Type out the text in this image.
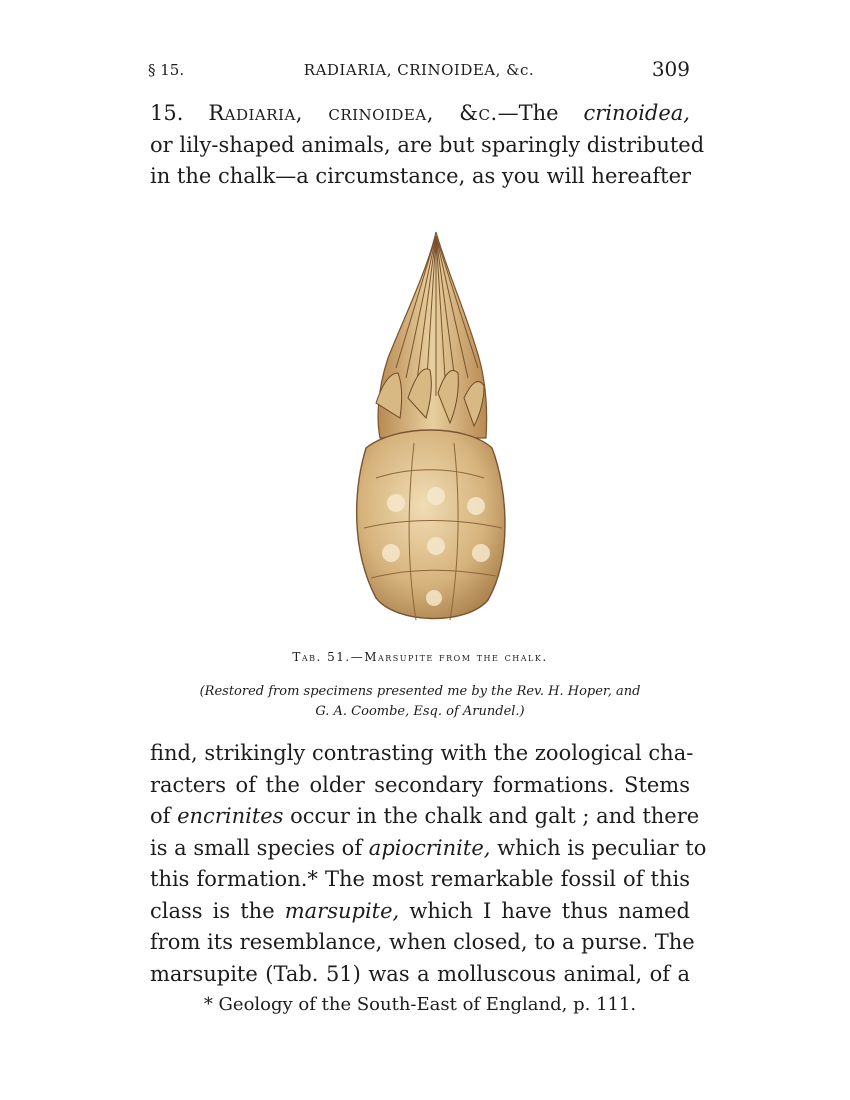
§ 15.	RADIARIA, CRINOIDEA, &c.	309
15. Radiaria, crinoidea, &c.—The crinoidea,
or lily-shaped animals, are but sparingly distributed
in the chalk—a circumstance, as you will hereafter
Tab. 51.—Marsupite from the chalk.
(Restored from specimens presented me by the Rev. H. Hoper, and
G. A. Coombe, Esq. of Arundel.)
find, strikingly contrasting with the zoological cha-
racters of the older secondary formations. Stems
of encrinites occur in the chalk and galt ; and there
is a small species of apiocrinite, which is peculiar to
this formation.* The most remarkable fossil of this
class is the marsupite, which I have thus named
from its resemblance, when closed, to a purse. The
marsupite (Tab. 51) was a molluscous animal, of a
* Geology of the South-East of England, p. 111.
